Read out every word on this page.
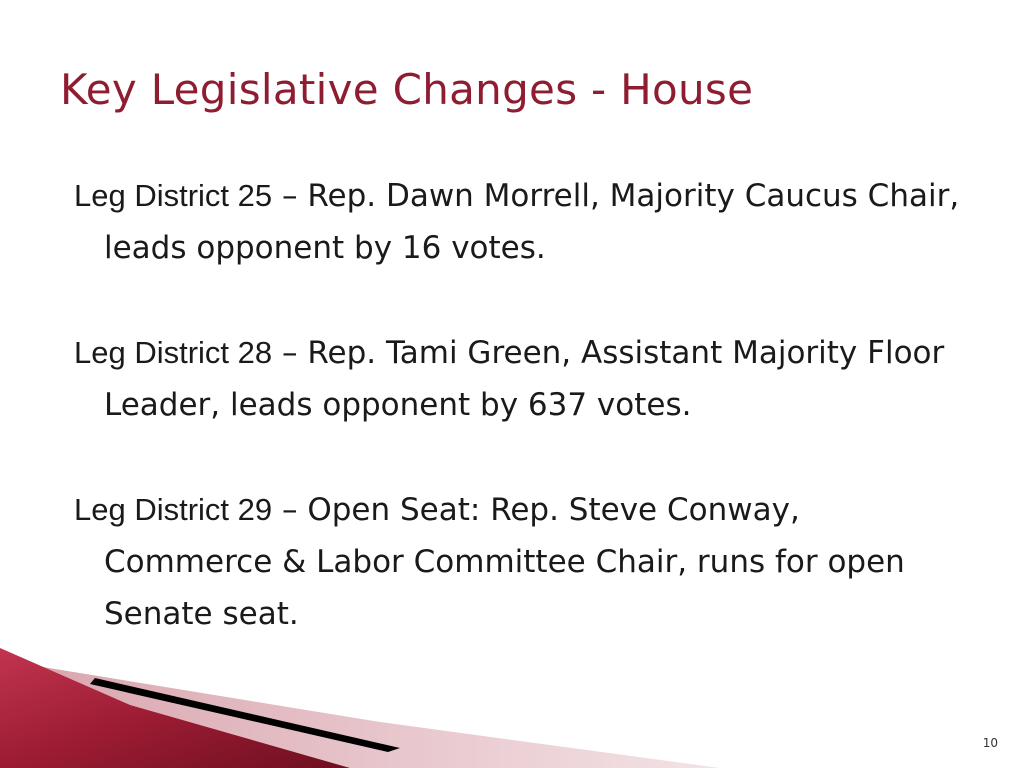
Key Legislative Changes - House

Leg District 25 – Rep. Dawn Morrell, Majority Caucus Chair, leads opponent by 16 votes.

Leg District 28 – Rep. Tami Green, Assistant Majority Floor Leader, leads opponent by 637 votes.

Leg District 29 – Open Seat: Rep. Steve Conway, Commerce & Labor Committee Chair, runs for open Senate seat.

10
